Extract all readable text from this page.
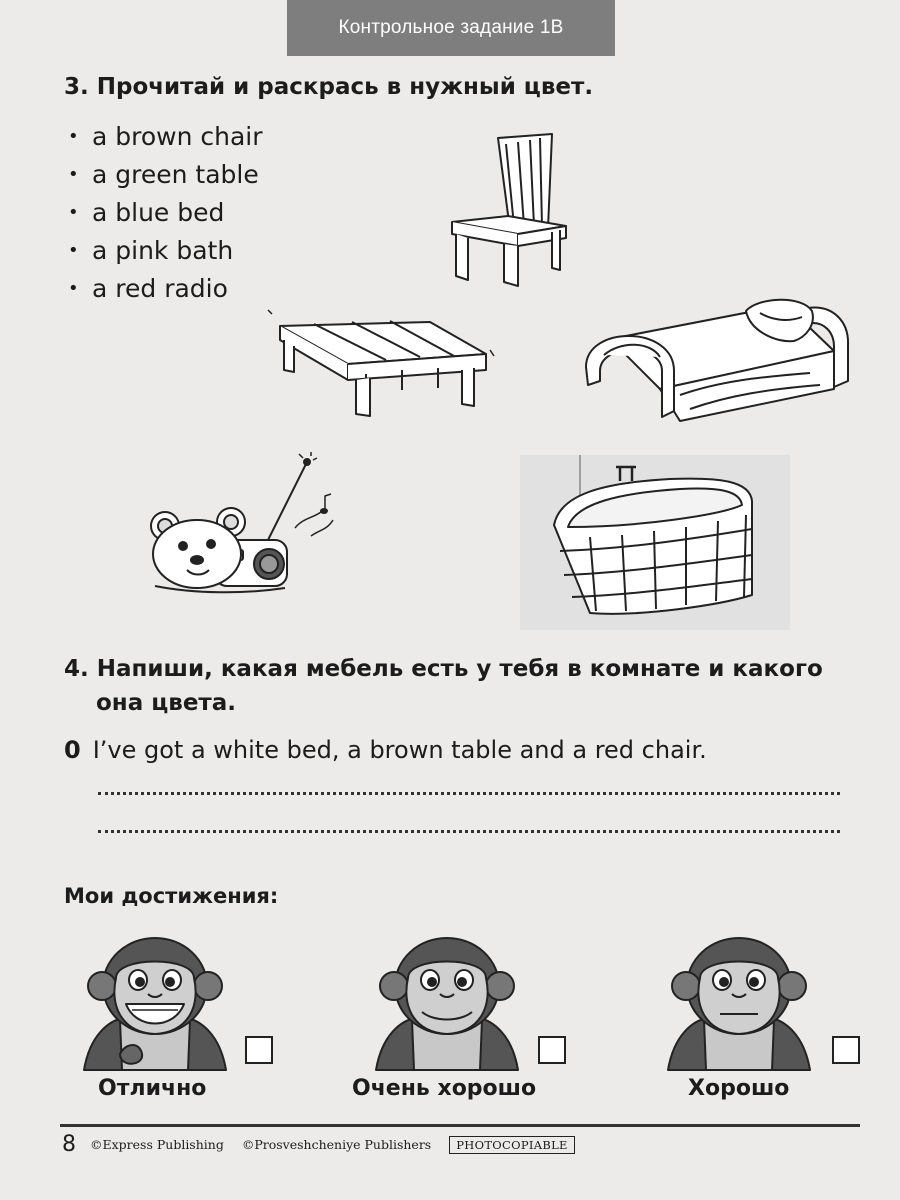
Контрольное задание 1В
3. Прочитай и раскрась в нужный цвет.
• a brown chair
• a green table
• a blue bed
• a pink bath
• a red radio
4. Напиши, какая мебель есть у тебя в комнате и какого
она цвета.
0 I’ve got a white bed, a brown table and a red chair.
Мои достижения:
Отлично	Очень хорошо	Хорошо
8 ©Express Publishing ©Prosveshcheniye Publishers	PHOTOCOPIABLE
